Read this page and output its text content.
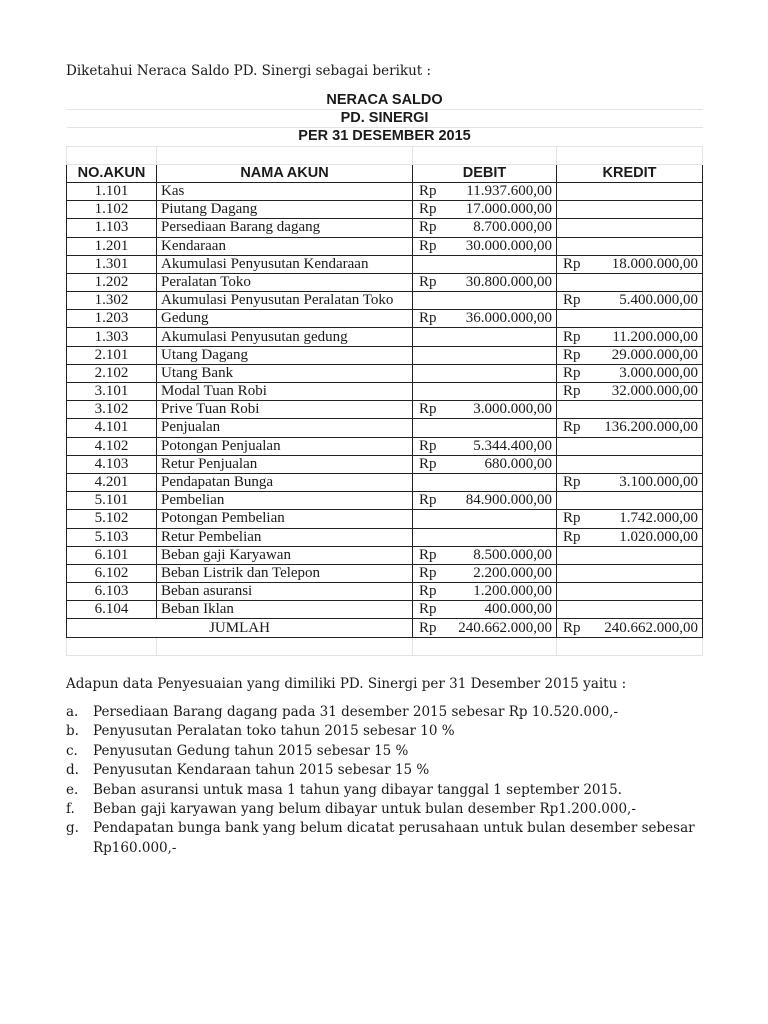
Diketahui Neraca Saldo PD. Sinergi sebagai berikut :
NERACA SALDO			
PD. SINERGI			
PER 31 DESEMBER 2015			

NO.AKUN	NAMA AKUN	DEBIT	KREDIT
1.101	Kas	Rp 11.937.600,00	

1.102	Piutang Dagang	Rp 17.000.000,00	

1.103	Persediaan Barang dagang	Rp 8.700.000,00	

1.201	Kendaraan	Rp 30.000.000,00	

1.301	Akumulasi Penyusutan Kendaraan		Rp 18.000.000,00

1.202	Peralatan Toko	Rp 30.800.000,00	

1.302	Akumulasi Penyusutan Peralatan Toko		Rp 5.400.000,00

1.203	Gedung	Rp 36.000.000,00	

1.303	Akumulasi Penyusutan gedung		Rp 11.200.000,00

2.101	Utang Dagang		Rp 29.000.000,00

2.102	Utang Bank		Rp 3.000.000,00

3.101	Modal Tuan Robi		Rp 32.000.000,00

3.102	Prive Tuan Robi	Rp 3.000.000,00	

4.101	Penjualan		Rp 136.200.000,00

4.102	Potongan Penjualan	Rp 5.344.400,00	

4.103	Retur Penjualan	Rp 680.000,00	

4.201	Pendapatan Bunga		Rp 3.100.000,00

5.101	Pembelian	Rp 84.900.000,00	

5.102	Potongan Pembelian		Rp 1.742.000,00

5.103	Retur Pembelian		Rp 1.020.000,00

6.101	Beban gaji Karyawan	Rp 8.500.000,00	

6.102	Beban Listrik dan Telepon	Rp 2.200.000,00	

6.103	Beban asuransi	Rp 1.200.000,00	

6.104	Beban Iklan	Rp 400.000,00	

JUMLAH		Rp 240.662.000,00	Rp 240.662.000,00

Adapun data Penyesuaian yang dimiliki PD. Sinergi per 31 Desember 2015 yaitu :
a.	Persediaan Barang dagang pada 31 desember 2015 sebesar Rp 10.520.000,-
b.	Penyusutan Peralatan toko tahun 2015 sebesar 10 %
c.	Penyusutan Gedung tahun 2015 sebesar 15 %
d.	Penyusutan Kendaraan tahun 2015 sebesar 15 %
e.	Beban asuransi untuk masa 1 tahun yang dibayar tanggal 1 september 2015.
f.	Beban gaji karyawan yang belum dibayar untuk bulan desember Rp1.200.000,-
g.	Pendapatan bunga bank yang belum dicatat perusahaan untuk bulan desember sebesar Rp160.000,-
